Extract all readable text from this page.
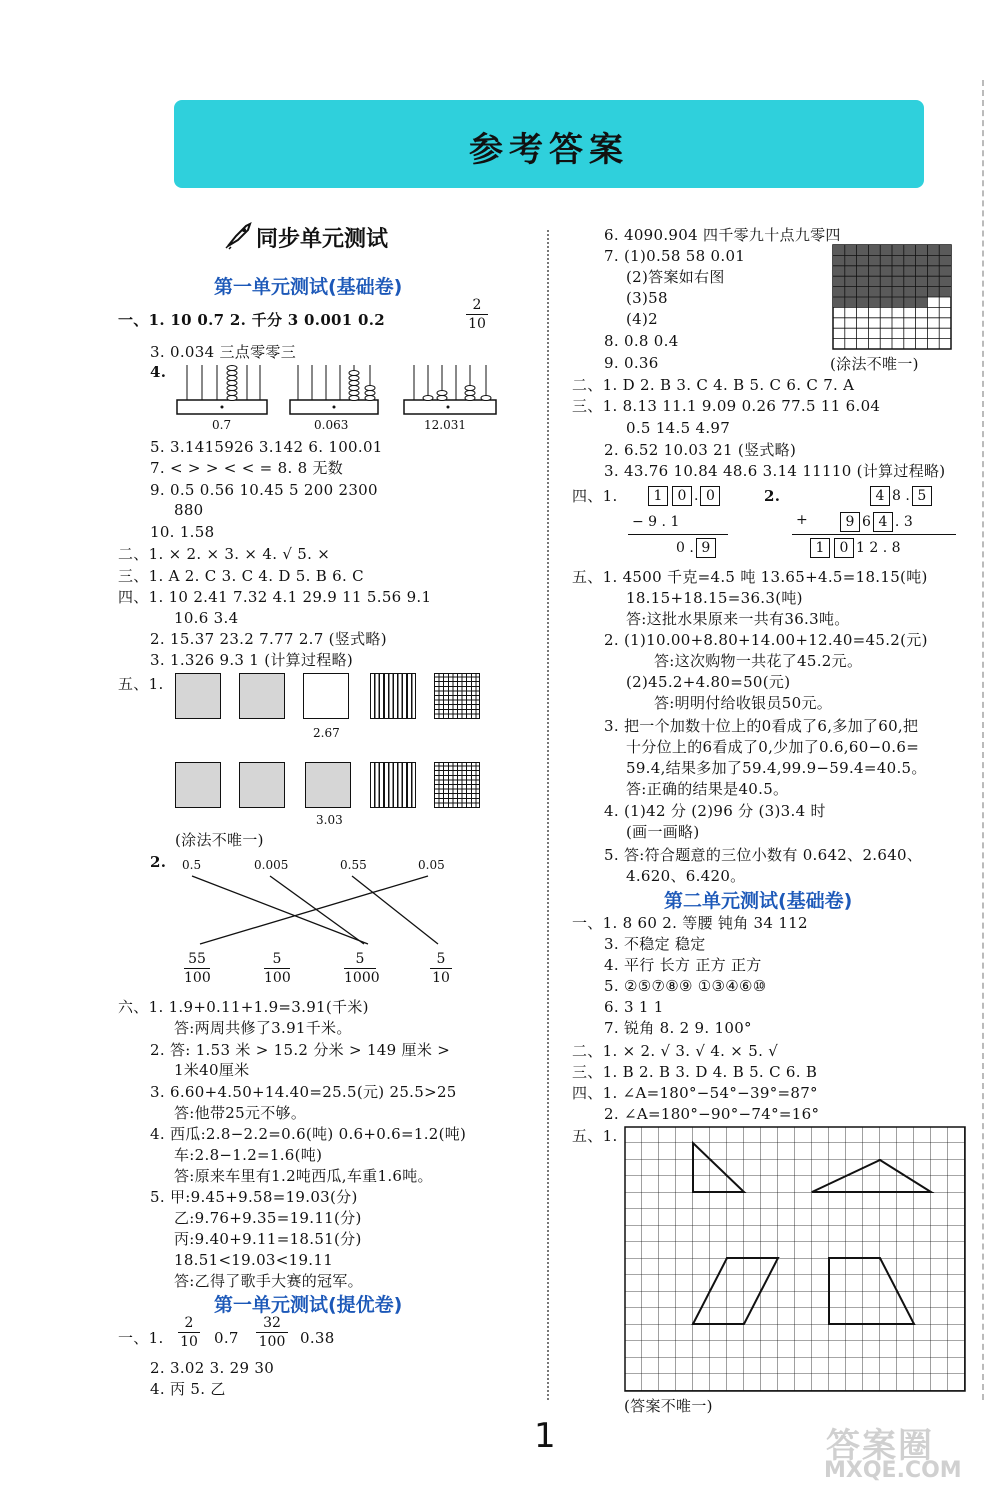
参考答案
同步单元测试
第一单元测试(基础卷)
一、1. 10 0.7 2. 千分 3 0.001 0.2	$\frac{2}{10}$
3. 0.034 三点零零三
4.
0.7	0.063	12.031
5. 3.1415926 3.142 6. 100.01
7. < > > < < = 8. 8 无数
9. 0.5 0.56 10.45 5 200 2300
880
10. 1.58
二、1. × 2. × 3. × 4. √ 5. ×
三、1. A 2. C 3. C 4. D 5. B 6. C
四、1. 10 2.41 7.32 4.1 29.9 11 5.56 9.1
10.6 3.4
2. 15.37 23.2 7.77 2.7 (竖式略)
3. 1.326 9.3 1 (计算过程略)
五、1.
2.67
3.03
(涂法不唯一)
2. 0.5	0.005	0.55	0.05
$\frac{55}{100}$	$\frac{5}{100}$	$\frac{5}{1000}$	$\frac{5}{10}$
六、1. 1.9+0.11+1.9=3.91(千米)
答:两周共修了3.91千米。
2. 答: 1.53 米 > 15.2 分米 > 149 厘米 >
1米40厘米
3. 6.60+4.50+14.40=25.5(元) 25.5>25
答:他带25元不够。
4. 西瓜:2.8−2.2=0.6(吨) 0.6+0.6=1.2(吨)
车:2.8−1.2=1.6(吨)
答:原来车里有1.2吨西瓜,车重1.6吨。
5. 甲:9.45+9.58=19.03(分)
乙:9.76+9.35=19.11(分)
丙:9.40+9.11=18.51(分)
18.51<19.03<19.11
答:乙得了歌手大赛的冠军。
第一单元测试(提优卷)
一、1. $\frac{2}{10} 0.7 \frac{32}{100} 0.38$
2. 3.02 3. 29 30
4. 丙 5. 乙
6. 4090.904 四千零九十点九零四
7. (1)0.58 58 0.01
(2)答案如右图
(3)58
(4)2
8. 0.8 0.4
9. 0.36	(涂法不唯一)
二、1. D 2. B 3. C 4. B 5. C 6. C 7. A
三、1. 8.13 11.1 9.09 0.26 77.5 11 6.04
0.5 14.5 4.97
2. 6.52 10.03 21 (竖式略)
3. 43.76 10.84 48.6 3.14 11110 (计算过程略)
四、1.	1 0 . 0
− 9 . 1
0 . 9
2.	4 8 . 5
+	9 6 4 . 3
1 0 1 2 . 8
五、1. 4500 千克=4.5 吨 13.65+4.5=18.15(吨)
18.15+18.15=36.3(吨)
答:这批水果原来一共有36.3吨。
2. (1)10.00+8.80+14.00+12.40=45.2(元)
答:这次购物一共花了45.2元。
(2)45.2+4.80=50(元)
答:明明付给收银员50元。
3. 把一个加数十位上的0看成了6,多加了60,把
十分位上的6看成了0,少加了0.6,60−0.6=
59.4,结果多加了59.4,99.9−59.4=40.5。
答:正确的结果是40.5。
4. (1)42 分 (2)96 分 (3)3.4 时
(画一画略)
5. 答:符合题意的三位小数有 0.642、2.640、
4.620、6.420。
第二单元测试(基础卷)
一、1. 8 60 2. 等腰 钝角 34 112
3. 不稳定 稳定
4. 平行 长方 正方 正方
5. ②⑤⑦⑧⑨ ①③④⑥⑩
6. 3 1 1
7. 锐角 8. 2 9. 100°
二、1. × 2. √ 3. √ 4. × 5. √
三、1. B 2. B 3. D 4. B 5. C 6. B
四、1. ∠A=180°−54°−39°=87°
2. ∠A=180°−90°−74°=16°
五、1.
(答案不唯一)
1	答案圈
MXQE.COM
